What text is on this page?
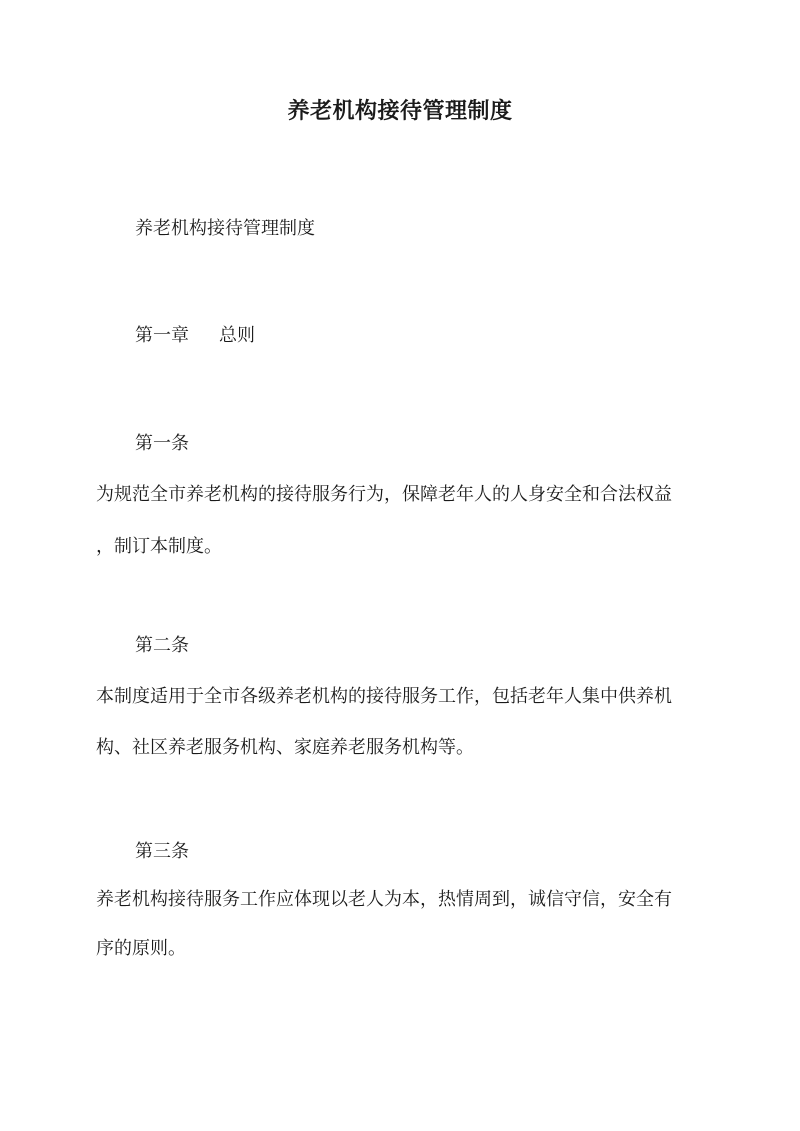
养老机构接待管理制度
养老机构接待管理制度
第一章 总则
第一条
为规范全市养老机构的接待服务行为，保障老年人的人身安全和合法权益
，制订本制度。
第二条
本制度适用于全市各级养老机构的接待服务工作，包括老年人集中供养机
构、社区养老服务机构、家庭养老服务机构等。
第三条
养老机构接待服务工作应体现以老人为本，热情周到，诚信守信，安全有
序的原则。
